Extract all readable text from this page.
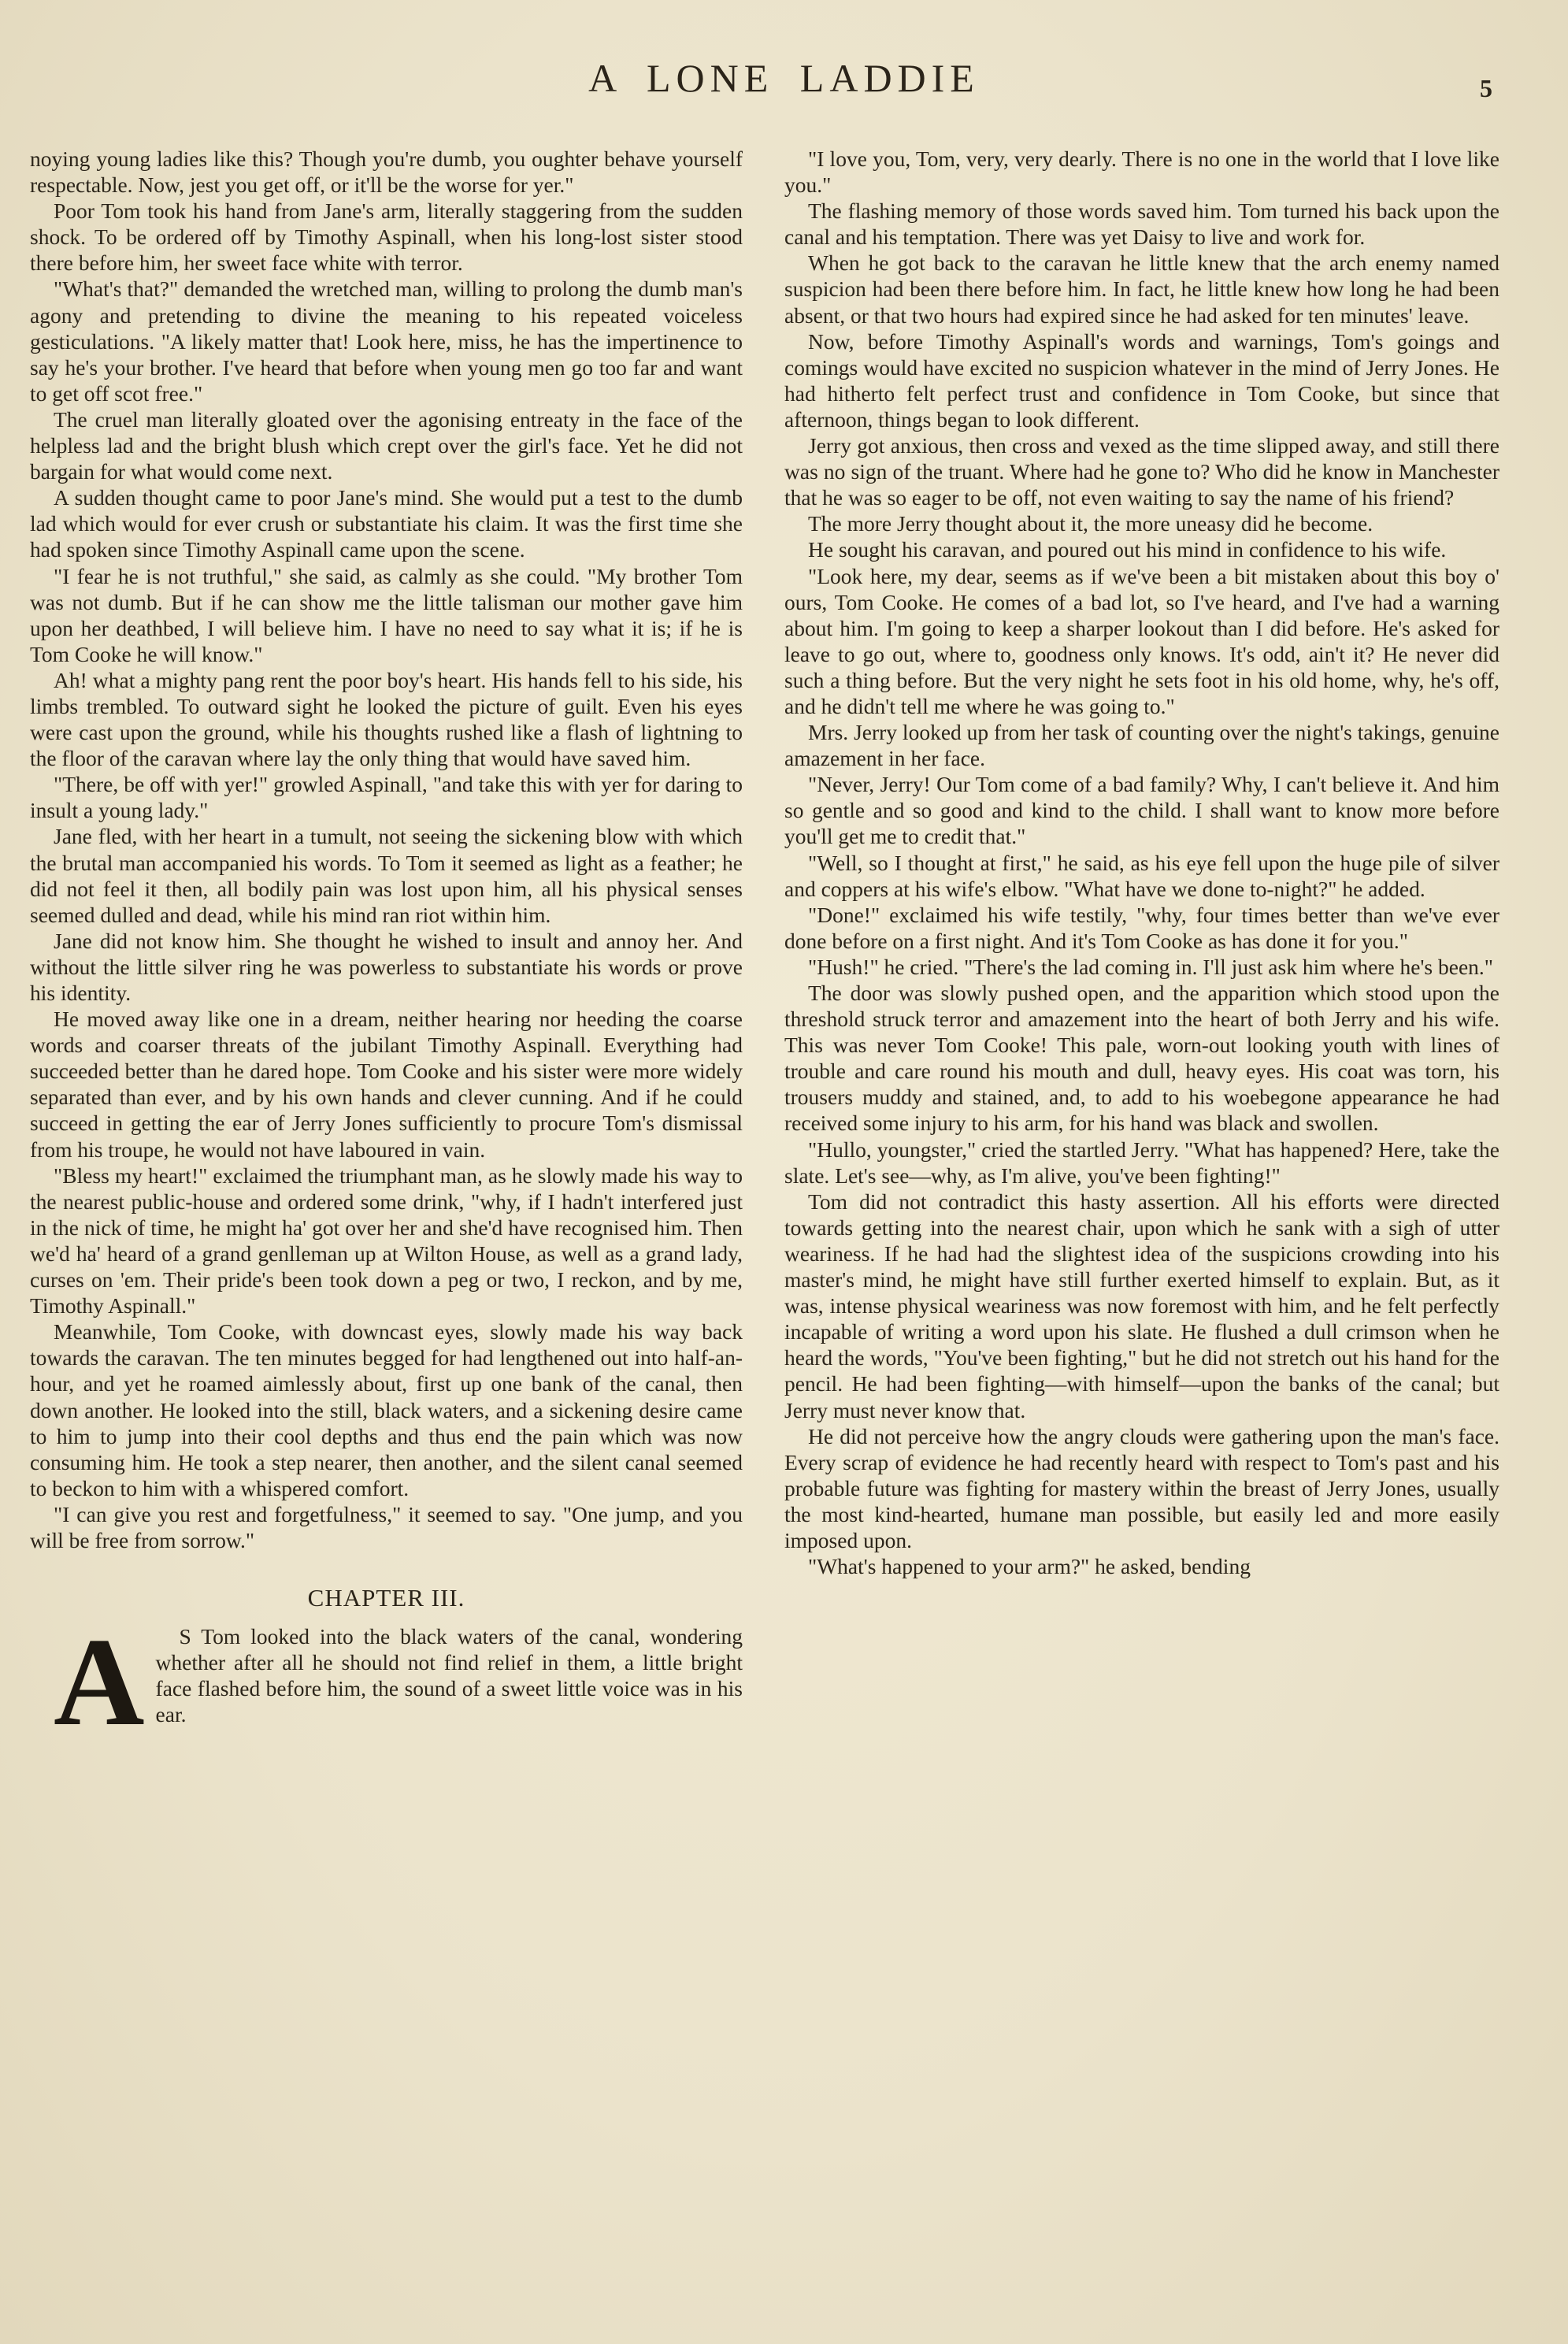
A LONE LADDIE	5

noying young ladies like this? Though you're dumb, you oughter behave yourself respectable. Now, jest you get off, or it'll be the worse for yer."

Poor Tom took his hand from Jane's arm, literally staggering from the sudden shock. To be ordered off by Timothy Aspinall, when his long-lost sister stood there before him, her sweet face white with terror.

"What's that?" demanded the wretched man, willing to prolong the dumb man's agony and pretending to divine the meaning to his repeated voiceless gesticulations. "A likely matter that! Look here, miss, he has the impertinence to say he's your brother. I've heard that before when young men go too far and want to get off scot free."

The cruel man literally gloated over the agonising entreaty in the face of the helpless lad and the bright blush which crept over the girl's face. Yet he did not bargain for what would come next.

A sudden thought came to poor Jane's mind. She would put a test to the dumb lad which would for ever crush or substantiate his claim. It was the first time she had spoken since Timothy Aspinall came upon the scene.

"I fear he is not truthful," she said, as calmly as she could. "My brother Tom was not dumb. But if he can show me the little talisman our mother gave him upon her deathbed, I will believe him. I have no need to say what it is; if he is Tom Cooke he will know."

Ah! what a mighty pang rent the poor boy's heart. His hands fell to his side, his limbs trembled. To outward sight he looked the picture of guilt. Even his eyes were cast upon the ground, while his thoughts rushed like a flash of lightning to the floor of the caravan where lay the only thing that would have saved him.

"There, be off with yer!" growled Aspinall, "and take this with yer for daring to insult a young lady."

Jane fled, with her heart in a tumult, not seeing the sickening blow with which the brutal man accompanied his words. To Tom it seemed as light as a feather; he did not feel it then, all bodily pain was lost upon him, all his physical senses seemed dulled and dead, while his mind ran riot within him.

Jane did not know him. She thought he wished to insult and annoy her. And without the little silver ring he was powerless to substantiate his words or prove his identity.

He moved away like one in a dream, neither hearing nor heeding the coarse words and coarser threats of the jubilant Timothy Aspinall. Everything had succeeded better than he dared hope. Tom Cooke and his sister were more widely separated than ever, and by his own hands and clever cunning. And if he could succeed in getting the ear of Jerry Jones sufficiently to procure Tom's dismissal from his troupe, he would not have laboured in vain.

"Bless my heart!" exclaimed the triumphant man, as he slowly made his way to the nearest public-house and ordered some drink, "why, if I hadn't interfered just in the nick of time, he might ha' got over her and she'd have recognised him. Then we'd ha' heard of a grand genlleman up at Wilton House, as well as a grand lady, curses on 'em. Their pride's been took down a peg or two, I reckon, and by me, Timothy Aspinall."

Meanwhile, Tom Cooke, with downcast eyes, slowly made his way back towards the caravan. The ten minutes begged for had lengthened out into half-an-hour, and yet he roamed aimlessly about, first up one bank of the canal, then down another. He looked into the still, black waters, and a sickening desire came to him to jump into their cool depths and thus end the pain which was now consuming him. He took a step nearer, then another, and the silent canal seemed to beckon to him with a whispered comfort.

"I can give you rest and forgetfulness," it seemed to say. "One jump, and you will be free from sorrow."

CHAPTER III.

A S Tom looked into the black waters of the canal, wondering whether after all he should not find relief in them, a little bright face flashed before him, the sound of a sweet little voice was in his ear.

"I love you, Tom, very, very dearly. There is no one in the world that I love like you."

The flashing memory of those words saved him. Tom turned his back upon the canal and his temptation. There was yet Daisy to live and work for.

When he got back to the caravan he little knew that the arch enemy named suspicion had been there before him. In fact, he little knew how long he had been absent, or that two hours had expired since he had asked for ten minutes' leave.

Now, before Timothy Aspinall's words and warnings, Tom's goings and comings would have excited no suspicion whatever in the mind of Jerry Jones. He had hitherto felt perfect trust and confidence in Tom Cooke, but since that afternoon, things began to look different.

Jerry got anxious, then cross and vexed as the time slipped away, and still there was no sign of the truant. Where had he gone to? Who did he know in Manchester that he was so eager to be off, not even waiting to say the name of his friend?

The more Jerry thought about it, the more uneasy did he become.

He sought his caravan, and poured out his mind in confidence to his wife.

"Look here, my dear, seems as if we've been a bit mistaken about this boy o' ours, Tom Cooke. He comes of a bad lot, so I've heard, and I've had a warning about him. I'm going to keep a sharper lookout than I did before. He's asked for leave to go out, where to, goodness only knows. It's odd, ain't it? He never did such a thing before. But the very night he sets foot in his old home, why, he's off, and he didn't tell me where he was going to."

Mrs. Jerry looked up from her task of counting over the night's takings, genuine amazement in her face.

"Never, Jerry! Our Tom come of a bad family? Why, I can't believe it. And him so gentle and so good and kind to the child. I shall want to know more before you'll get me to credit that."

"Well, so I thought at first," he said, as his eye fell upon the huge pile of silver and coppers at his wife's elbow. "What have we done to-night?" he added.

"Done!" exclaimed his wife testily, "why, four times better than we've ever done before on a first night. And it's Tom Cooke as has done it for you."

"Hush!" he cried. "There's the lad coming in. I'll just ask him where he's been."

The door was slowly pushed open, and the apparition which stood upon the threshold struck terror and amazement into the heart of both Jerry and his wife. This was never Tom Cooke! This pale, worn-out looking youth with lines of trouble and care round his mouth and dull, heavy eyes. His coat was torn, his trousers muddy and stained, and, to add to his woebegone appearance he had received some injury to his arm, for his hand was black and swollen.

"Hullo, youngster," cried the startled Jerry. "What has happened? Here, take the slate. Let's see—why, as I'm alive, you've been fighting!"

Tom did not contradict this hasty assertion. All his efforts were directed towards getting into the nearest chair, upon which he sank with a sigh of utter weariness. If he had had the slightest idea of the suspicions crowding into his master's mind, he might have still further exerted himself to explain. But, as it was, intense physical weariness was now foremost with him, and he felt perfectly incapable of writing a word upon his slate. He flushed a dull crimson when he heard the words, "You've been fighting," but he did not stretch out his hand for the pencil. He had been fighting—with himself—upon the banks of the canal; but Jerry must never know that.

He did not perceive how the angry clouds were gathering upon the man's face. Every scrap of evidence he had recently heard with respect to Tom's past and his probable future was fighting for mastery within the breast of Jerry Jones, usually the most kind-hearted, humane man possible, but easily led and more easily imposed upon.

"What's happened to your arm?" he asked, bending
